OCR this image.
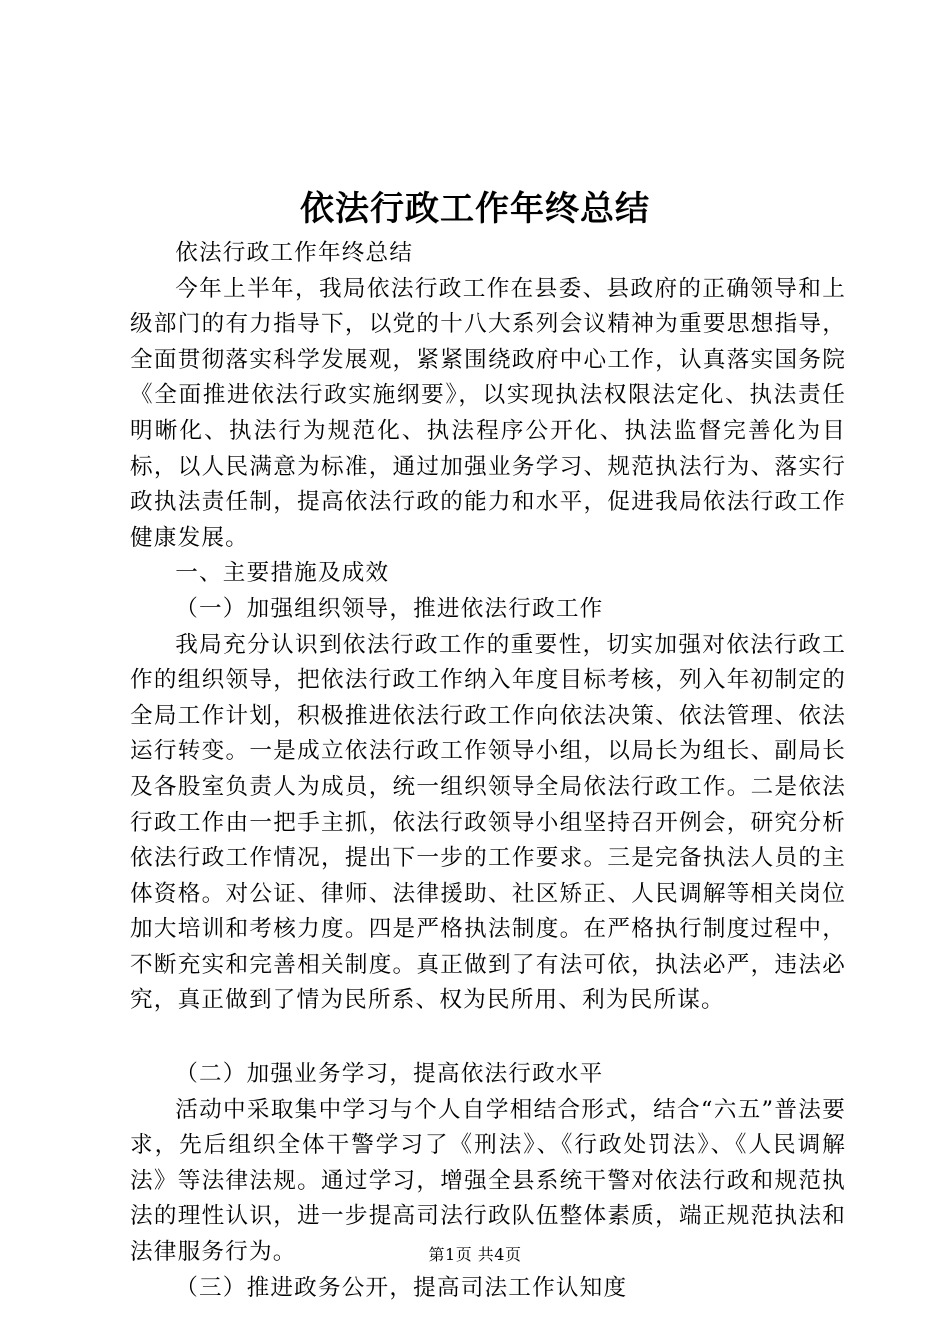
依法行政工作年终总结

依法行政工作年终总结

今年上半年，我局依法行政工作在县委、县政府的正确领导和上级部门的有力指导下，以党的十八大系列会议精神为重要思想指导，全面贯彻落实科学发展观，紧紧围绕政府中心工作，认真落实国务院《全面推进依法行政实施纲要》，以实现执法权限法定化、执法责任明晰化、执法行为规范化、执法程序公开化、执法监督完善化为目标，以人民满意为标准，通过加强业务学习、规范执法行为、落实行政执法责任制，提高依法行政的能力和水平，促进我局依法行政工作健康发展。

一、主要措施及成效

（一）加强组织领导，推进依法行政工作

我局充分认识到依法行政工作的重要性，切实加强对依法行政工作的组织领导，把依法行政工作纳入年度目标考核，列入年初制定的全局工作计划，积极推进依法行政工作向依法决策、依法管理、依法运行转变。一是成立依法行政工作领导小组，以局长为组长、副局长及各股室负责人为成员，统一组织领导全局依法行政工作。二是依法行政工作由一把手主抓，依法行政领导小组坚持召开例会，研究分析依法行政工作情况，提出下一步的工作要求。三是完备执法人员的主体资格。对公证、律师、法律援助、社区矫正、人民调解等相关岗位加大培训和考核力度。四是严格执法制度。在严格执行制度过程中，不断充实和完善相关制度。真正做到了有法可依，执法必严，违法必究，真正做到了情为民所系、权为民所用、利为民所谋。

（二）加强业务学习，提高依法行政水平

活动中采取集中学习与个人自学相结合形式，结合“六五”普法要求，先后组织全体干警学习了《刑法》、《行政处罚法》、《人民调解法》等法律法规。通过学习，增强全县系统干警对依法行政和规范执法的理性认识，进一步提高司法行政队伍整体素质，端正规范执法和法律服务行为。

（三）推进政务公开，提高司法工作认知度

第1页 共4页
